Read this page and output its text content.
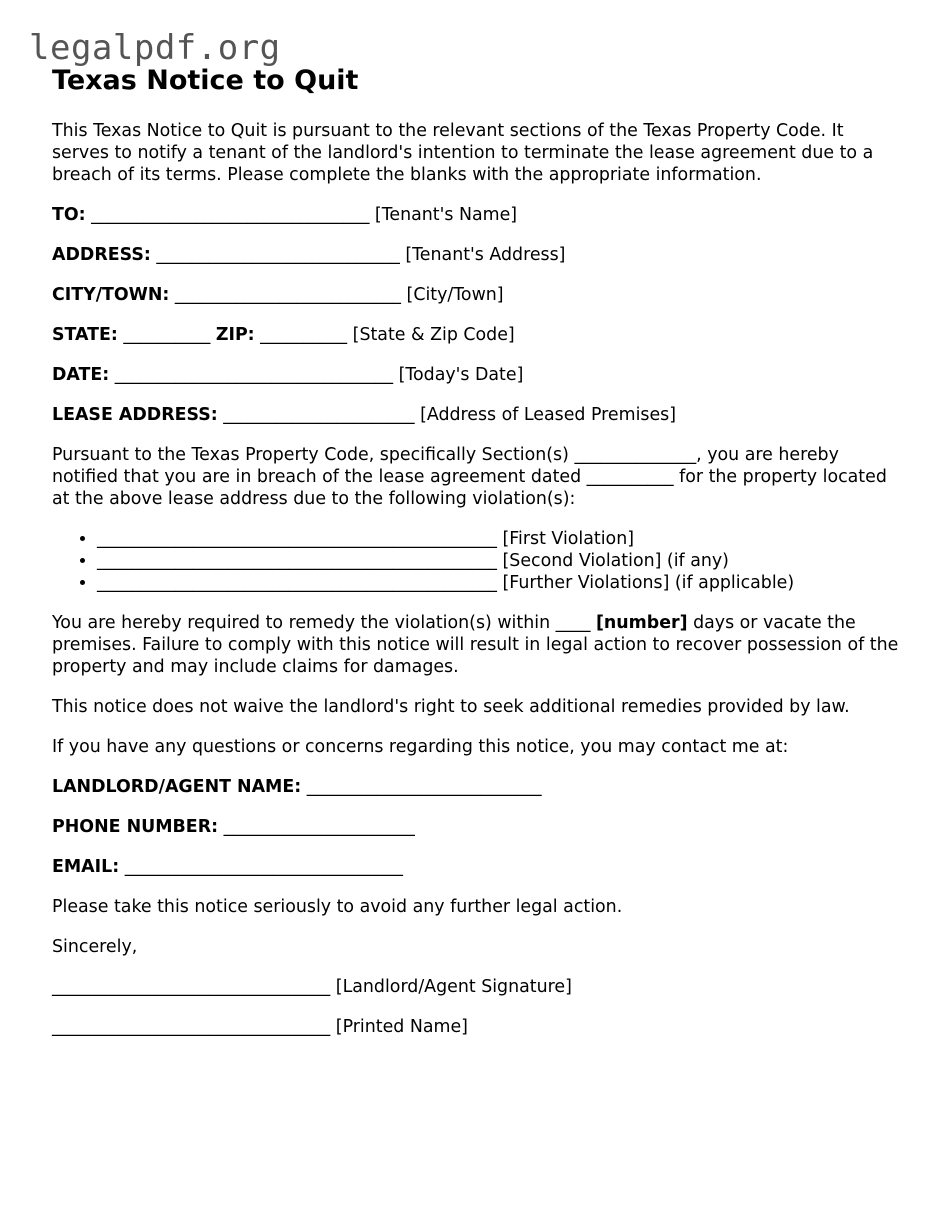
legalpdf.org
Texas Notice to Quit

This Texas Notice to Quit is pursuant to the relevant sections of the Texas Property Code. It serves to notify a tenant of the landlord's intention to terminate the lease agreement due to a breach of its terms. Please complete the blanks with the appropriate information.

TO: ________________________________ [Tenant's Name]

ADDRESS: ____________________________ [Tenant's Address]

CITY/TOWN: __________________________ [City/Town]

STATE: __________ ZIP: __________ [State & Zip Code]

DATE: ________________________________ [Today's Date]

LEASE ADDRESS: ______________________ [Address of Leased Premises]

Pursuant to the Texas Property Code, specifically Section(s) ______________, you are hereby notified that you are in breach of the lease agreement dated __________ for the property located at the above lease address due to the following violation(s):

• ______________________________________________ [First Violation]
• ______________________________________________ [Second Violation] (if any)
• ______________________________________________ [Further Violations] (if applicable)

You are hereby required to remedy the violation(s) within ____ [number] days or vacate the premises. Failure to comply with this notice will result in legal action to recover possession of the property and may include claims for damages.

This notice does not waive the landlord's right to seek additional remedies provided by law.

If you have any questions or concerns regarding this notice, you may contact me at:

LANDLORD/AGENT NAME: ___________________________

PHONE NUMBER: ______________________

EMAIL: ________________________________

Please take this notice seriously to avoid any further legal action.

Sincerely,

________________________________ [Landlord/Agent Signature]

________________________________ [Printed Name]
